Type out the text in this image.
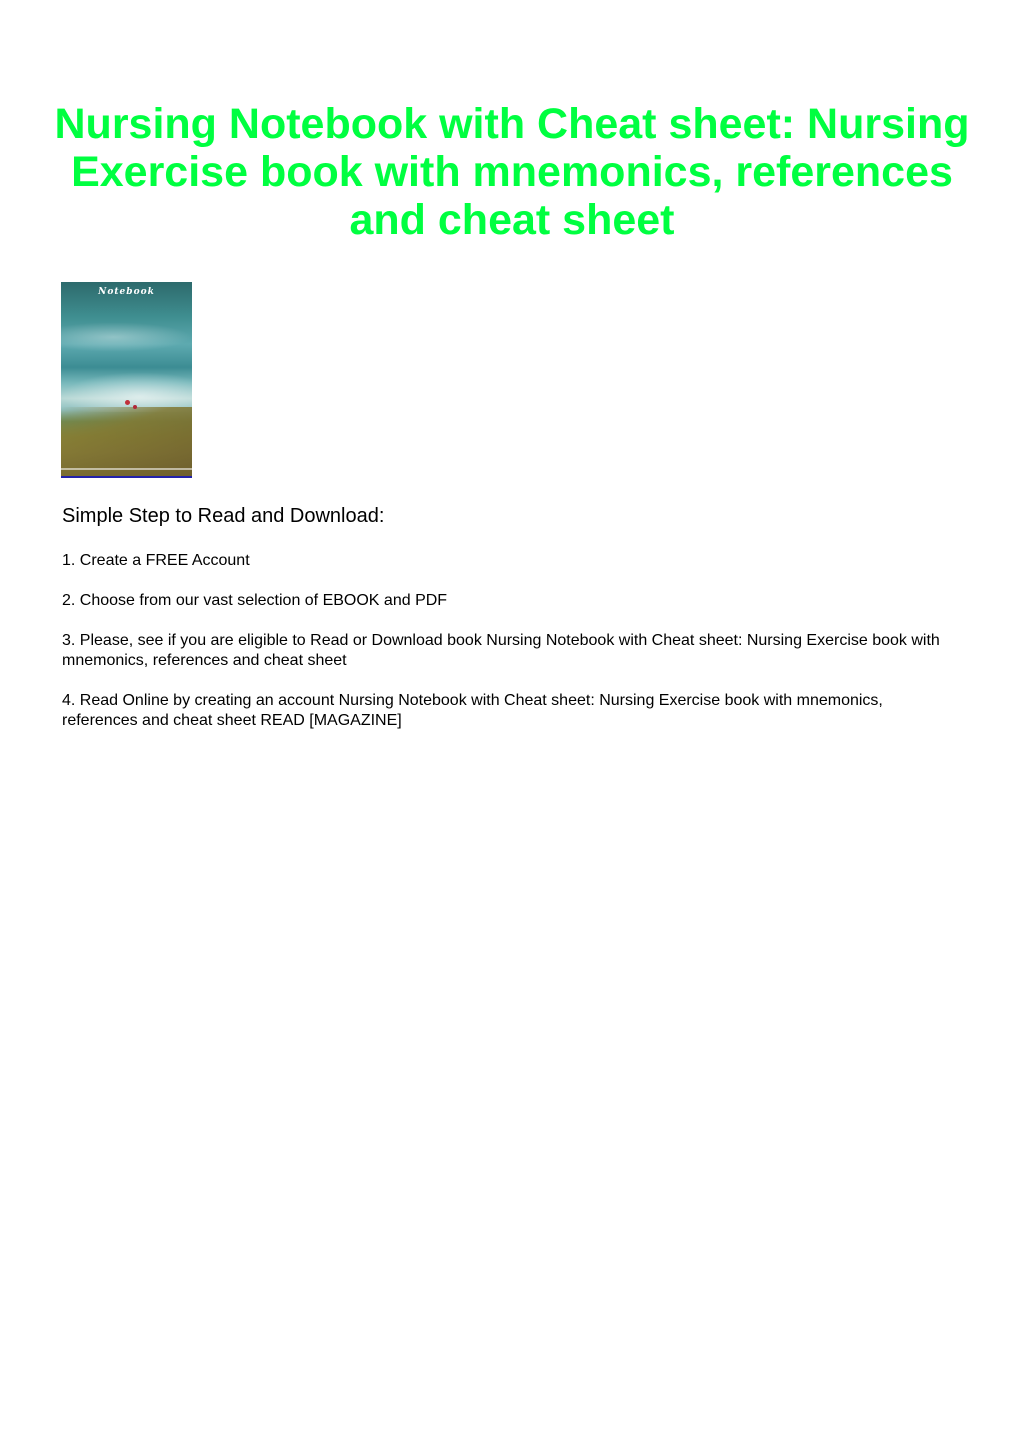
Nursing Notebook with Cheat sheet: Nursing Exercise book with mnemonics, references and cheat sheet
Notebook
Simple Step to Read and Download:
1. Create a FREE Account
2. Choose from our vast selection of EBOOK and PDF
3. Please, see if you are eligible to Read or Download book Nursing Notebook with Cheat sheet: Nursing Exercise book with mnemonics, references and cheat sheet
4. Read Online by creating an account Nursing Notebook with Cheat sheet: Nursing Exercise book with mnemonics, references and cheat sheet READ [MAGAZINE]
